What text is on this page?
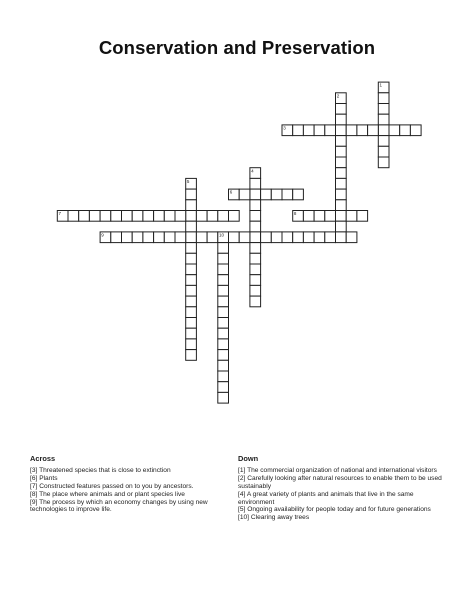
Conservation and Preservation
1
2
3
4
5
6
7	8
9	10
Across

[3] Threatened species that is close to extinction

[6] Plants

[7] Constructed features passed on to you by ancestors.

[8] The place where animals and or plant species live

[9] The process by which an economy changes by using new technologies to improve life.

Down

[1] The commercial organization of national and international visitors

[2] Carefully looking after natural resources to enable them to be used sustainably

[4] A great variety of plants and animals that live in the same environment

[5] Ongoing availability for people today and for future generations

[10] Clearing away trees
